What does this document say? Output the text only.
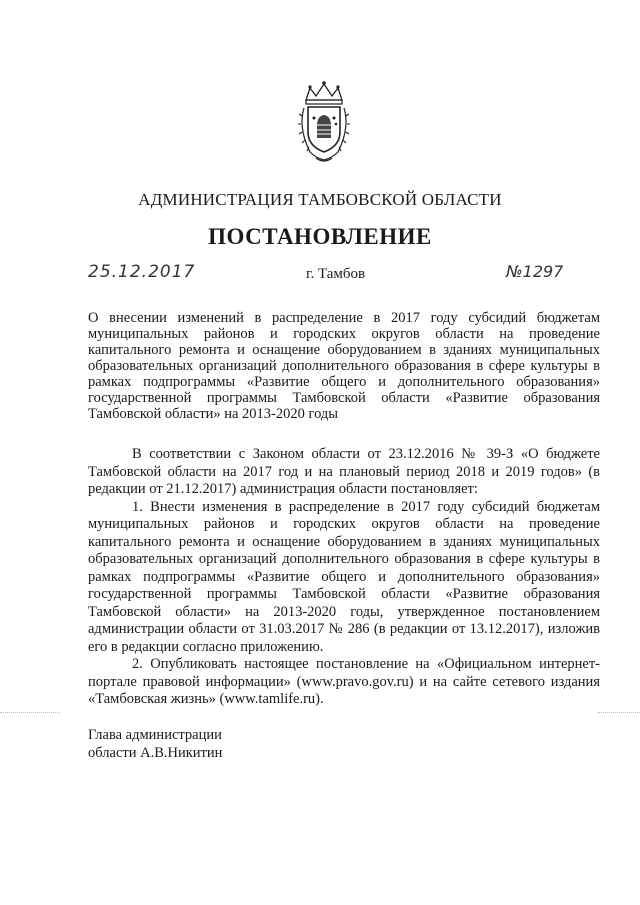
АДМИНИСТРАЦИЯ ТАМБОВСКОЙ ОБЛАСТИ
ПОСТАНОВЛЕНИЕ
25.12.2017	г. Тамбов	№1297
О внесении изменений в распределение в 2017 году субсидий бюджетам муниципальных районов и городских округов области на проведение капитального ремонта и оснащение оборудованием в зданиях муниципальных образовательных организаций дополнительного образования в сфере культуры в рамках подпрограммы «Развитие общего и дополнительного образования» государственной программы Тамбовской области «Развитие образования Тамбовской области» на 2013-2020 годы

В соответствии с Законом области от 23.12.2016 № 39-З «О бюджете Тамбовской области на 2017 год и на плановый период 2018 и 2019 годов» (в редакции от 21.12.2017) администрация области постановляет:

1. Внести изменения в распределение в 2017 году субсидий бюджетам муниципальных районов и городских округов области на проведение капитального ремонта и оснащение оборудованием в зданиях муниципальных образовательных организаций дополнительного образования в сфере культуры в рамках подпрограммы «Развитие общего и дополнительного образования» государственной программы Тамбовской области «Развитие образования Тамбовской области» на 2013-2020 годы, утвержденное постановлением администрации области от 31.03.2017 № 286 (в редакции от 13.12.2017), изложив его в редакции согласно приложению.

2. Опубликовать настоящее постановление на «Официальном интернет-портале правовой информации» (www.pravo.gov.ru) и на сайте сетевого издания «Тамбовская жизнь» (www.tamlife.ru).

Глава администрации
области А.В.Никитин
